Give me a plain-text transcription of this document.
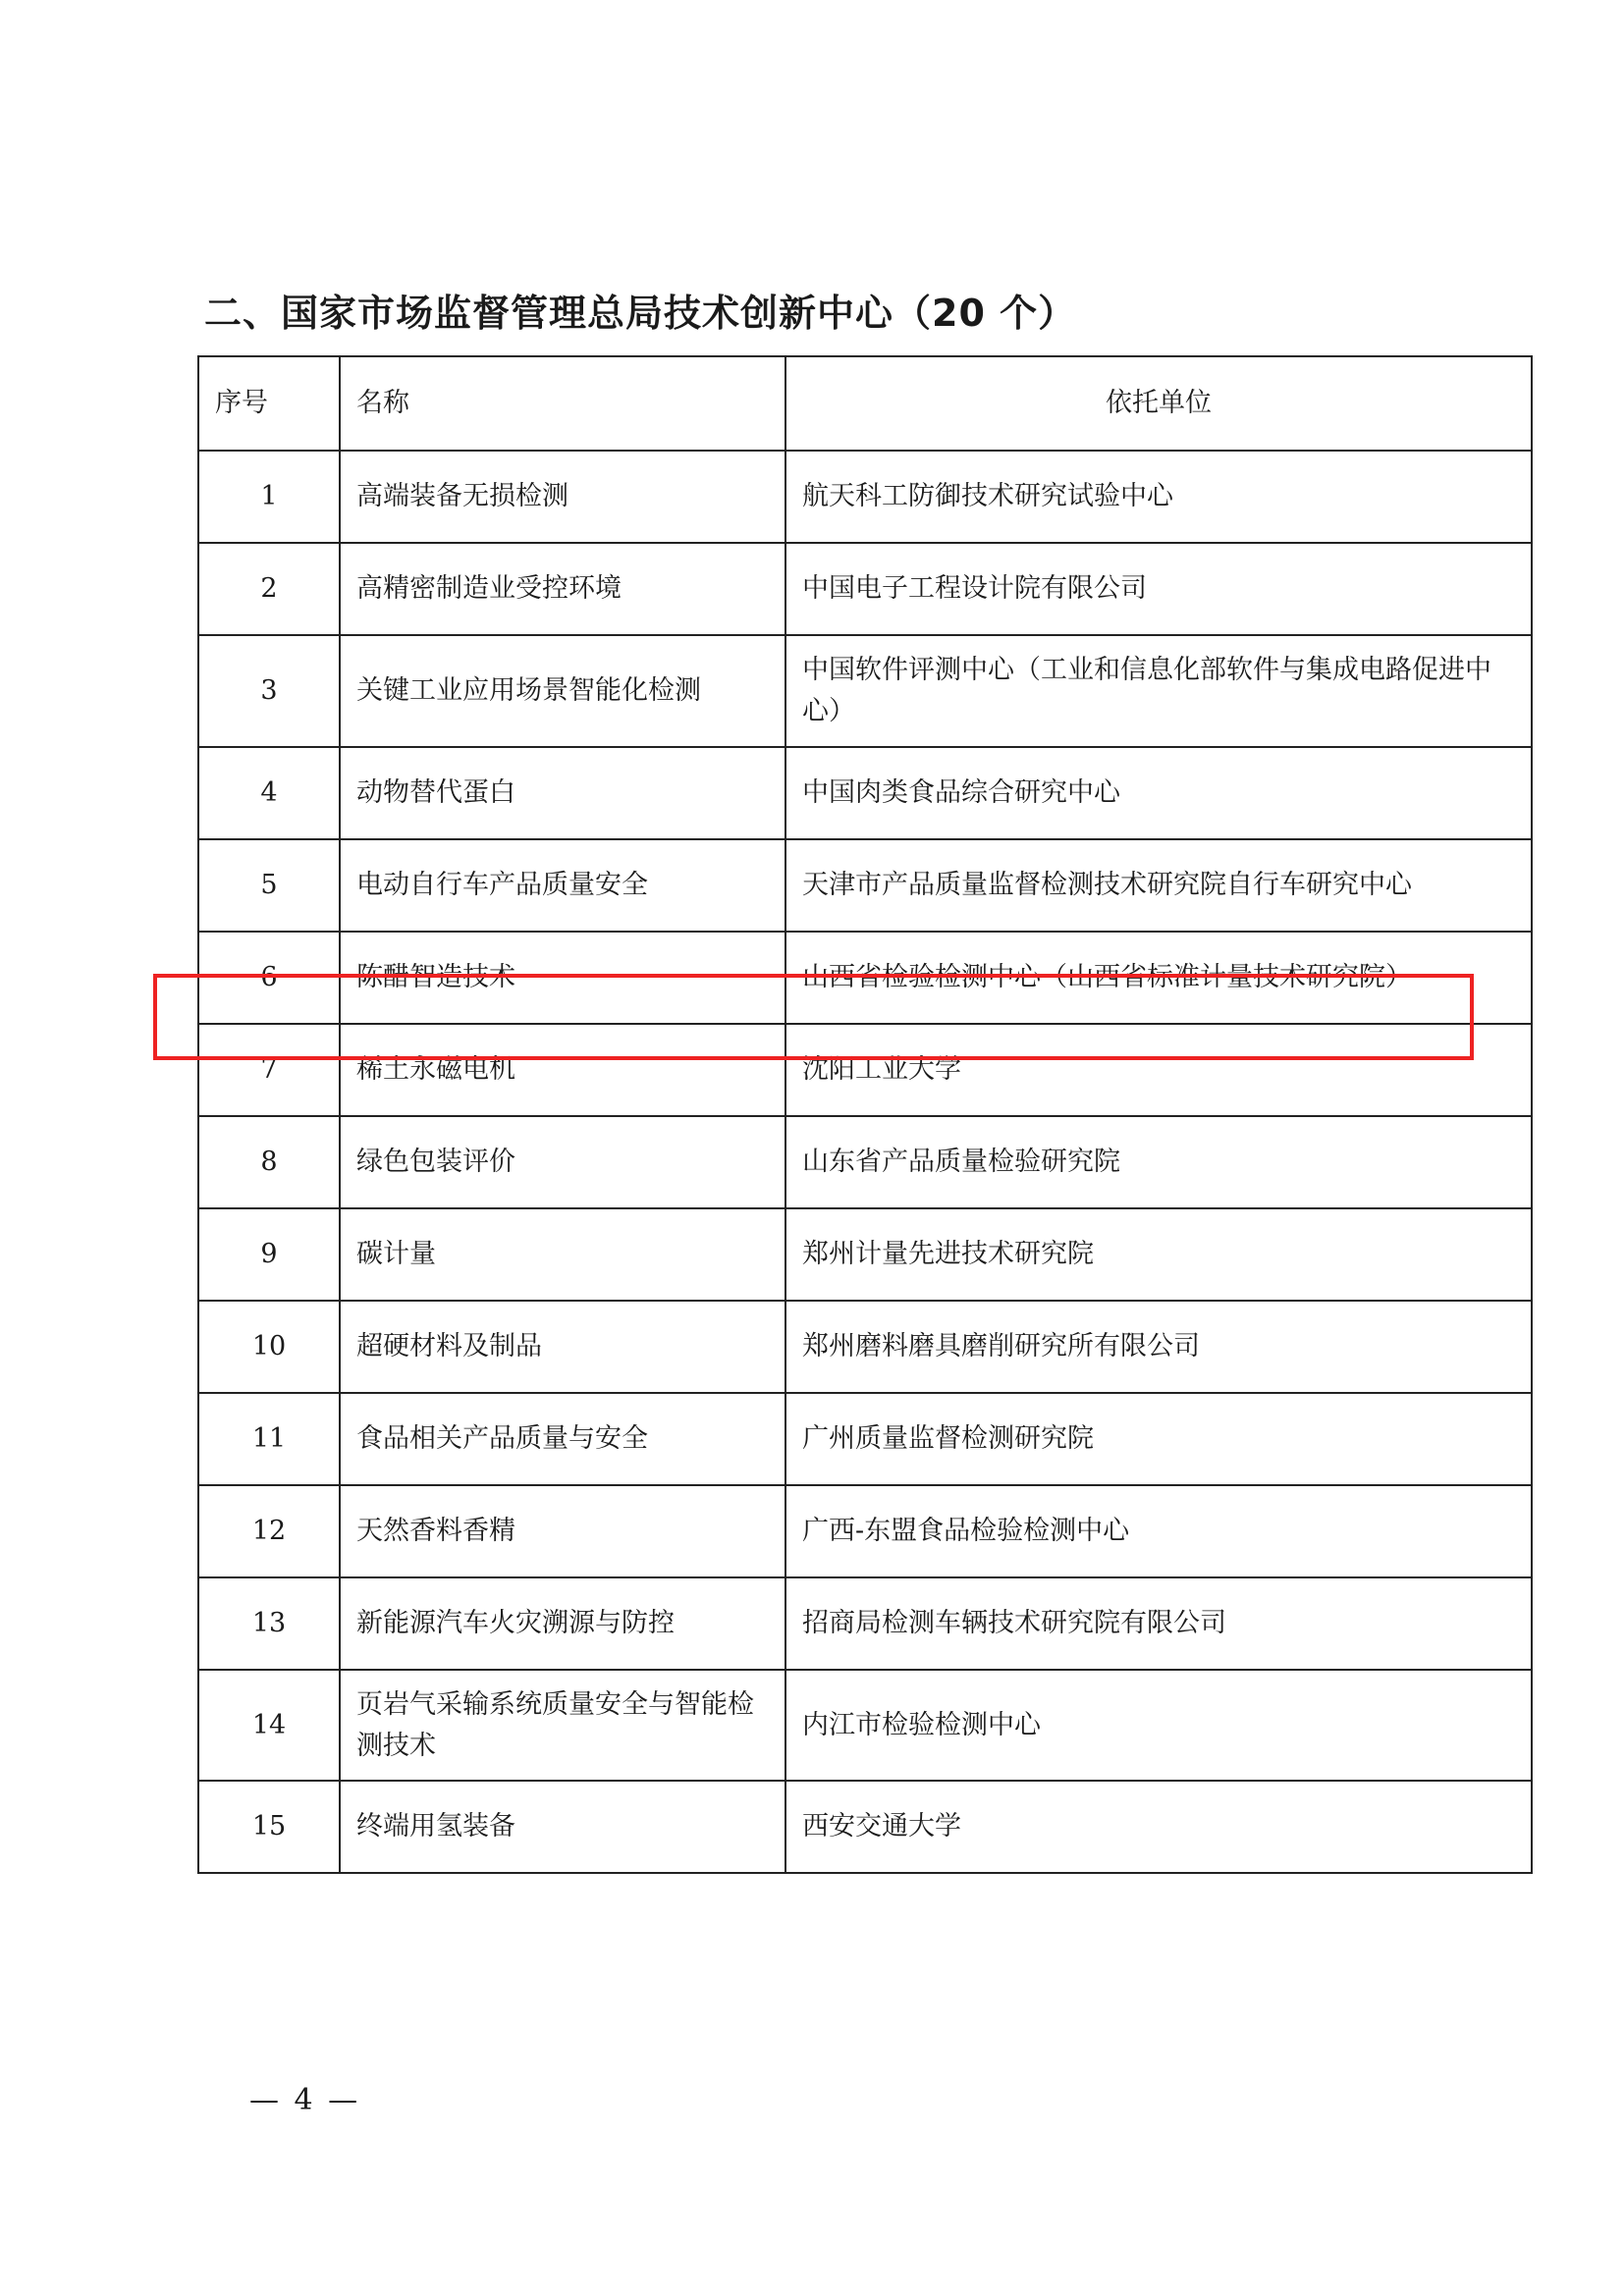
二、国家市场监督管理总局技术创新中心（20 个）
序号	名称	依托单位
1	高端装备无损检测	航天科工防御技术研究试验中心
2	高精密制造业受控环境	中国电子工程设计院有限公司
3	关键工业应用场景智能化检测	中国软件评测中心（工业和信息化部软件与集成电路促进中心）
4	动物替代蛋白	中国肉类食品综合研究中心
5	电动自行车产品质量安全	天津市产品质量监督检测技术研究院自行车研究中心
6	陈醋智造技术	山西省检验检测中心（山西省标准计量技术研究院）
7	稀土永磁电机	沈阳工业大学
8	绿色包装评价	山东省产品质量检验研究院
9	碳计量	郑州计量先进技术研究院
10	超硬材料及制品	郑州磨料磨具磨削研究所有限公司
11	食品相关产品质量与安全	广州质量监督检测研究院
12	天然香料香精	广西-东盟食品检验检测中心
13	新能源汽车火灾溯源与防控	招商局检测车辆技术研究院有限公司
14	页岩气采输系统质量安全与智能检测技术	内江市检验检测中心
15	终端用氢装备	西安交通大学
— 4 —
